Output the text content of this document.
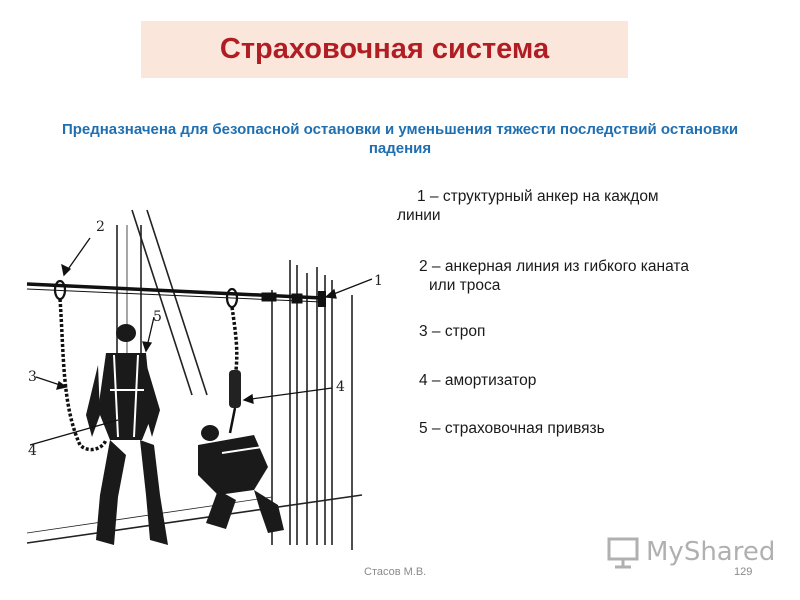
Страховочная система
Предназначена для безопасной остановки и уменьшения тяжести последствий остановки падения
1 – структурный анкер на каждом
линии
2 – анкерная линия из гибкого каната
или троса
3 – строп
4 – амортизатор
5 – страховочная привязь
2
1
5
3
4
4
MyShared
Стасов М.В.	129
